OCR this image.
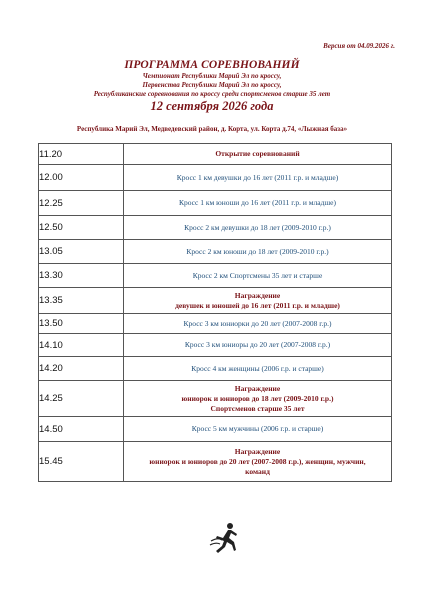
Версия от 04.09.2026 г.
ПРОГРАММА СОРЕВНОВАНИЙ
Чемпионат Республики Марий Эл по кроссу,
Первенства Республики Марий Эл по кроссу,
Республиканские соревнования по кроссу среди спортсменов старше 35 лет
12 сентября 2026 года
Республика Марий Эл, Медведевский район, д. Корта, ул. Корта д.74, «Лыжная база»
11.20	Открытие соревнований

12.00	Кросс 1 км девушки до 16 лет (2011 г.р. и младше)

12.25	Кросс 1 км юноши до 16 лет (2011 г.р. и младше)

12.50	Кросс 2 км девушки до 18 лет (2009-2010 г.р.)

13.05	Кросс 2 км юноши до 18 лет (2009-2010 г.р.)

13.30	Кросс 2 км Спортсмены 35 лет и старше

13.35	Награждение
девушек и юношей до 16 лет (2011 г.р. и младше)

13.50	Кросс 3 км юниорки до 20 лет (2007-2008 г.р.)

14.10	Кросс 3 км юниоры до 20 лет (2007-2008 г.р.)

14.20	Кросс 4 км женщины (2006 г.р. и старше)

14.25	Награждение
юниорок и юниоров до 18 лет (2009-2010 г.р.)
Спортсменов старше 35 лет

14.50	Кросс 5 км мужчины (2006 г.р. и старше)

15.45	Награждение
юниорок и юниоров до 20 лет (2007-2008 г.р.), женщин, мужчин,
команд
